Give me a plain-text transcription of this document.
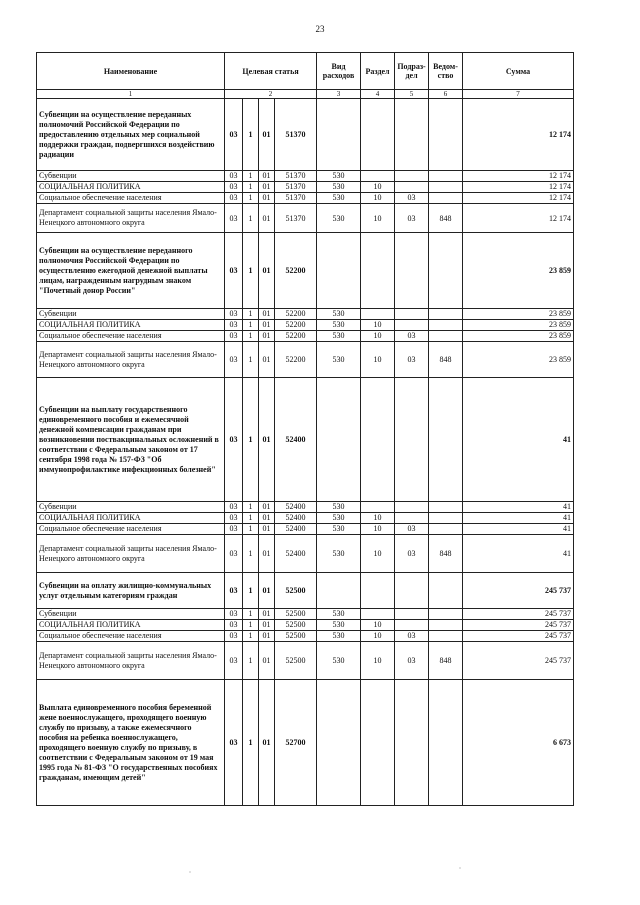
23
Наименование	Целевая статья				Вид расходов	Раздел	Подраз-дел	Ведом-ство	Сумма
1	2				3	4	5	6	7
Субвенции на осуществление переданных полномочий Российской Федерации по предоставлению отдельных мер социальной поддержки граждан, подвергшихся воздействию радиации	03	1	01	51370					12 174
Субвенции	03	1	01	51370	530				12 174
СОЦИАЛЬНАЯ ПОЛИТИКА	03	1	01	51370	530	10			12 174
Социальное обеспечение населения	03	1	01	51370	530	10	03		12 174
Департамент социальной защиты населения Ямало-Ненецкого автономного округа	03	1	01	51370	530	10	03	848	12 174
Субвенции на осуществление переданного полномочия Российской Федерации по осуществлению ежегодной денежной выплаты лицам, награжденным нагрудным знаком "Почетный донор России"	03	1	01	52200					23 859
Субвенции	03	1	01	52200	530				23 859
СОЦИАЛЬНАЯ ПОЛИТИКА	03	1	01	52200	530	10			23 859
Социальное обеспечение населения	03	1	01	52200	530	10	03		23 859
Департамент социальной защиты населения Ямало-Ненецкого автономного округа	03	1	01	52200	530	10	03	848	23 859
Субвенции на выплату государственного единовременного пособия и ежемесячной денежной компенсации гражданам при возникновении поствакцинальных осложнений в соответствии с Федеральным законом от 17 сентября 1998 года № 157-ФЗ "Об иммунопрофилактике инфекционных болезней"	03	1	01	52400					41
Субвенции	03	1	01	52400	530				41
СОЦИАЛЬНАЯ ПОЛИТИКА	03	1	01	52400	530	10			41
Социальное обеспечение населения	03	1	01	52400	530	10	03		41
Департамент социальной защиты населения Ямало-Ненецкого автономного округа	03	1	01	52400	530	10	03	848	41
Субвенции на оплату жилищно-коммунальных услуг отдельным категориям граждан	03	1	01	52500					245 737
Субвенции	03	1	01	52500	530				245 737
СОЦИАЛЬНАЯ ПОЛИТИКА	03	1	01	52500	530	10			245 737
Социальное обеспечение населения	03	1	01	52500	530	10	03		245 737
Департамент социальной защиты населения Ямало-Ненецкого автономного округа	03	1	01	52500	530	10	03	848	245 737
Выплата единовременного пособия беременной жене военнослужащего, проходящего военную службу по призыву, а также ежемесячного пособия на ребенка военнослужащего, проходящего военную службу по призыву, в соответствии с Федеральным законом от 19 мая 1995 года № 81-ФЗ "О государственных пособиях гражданам, имеющим детей"	03	1	01	52700					6 673
